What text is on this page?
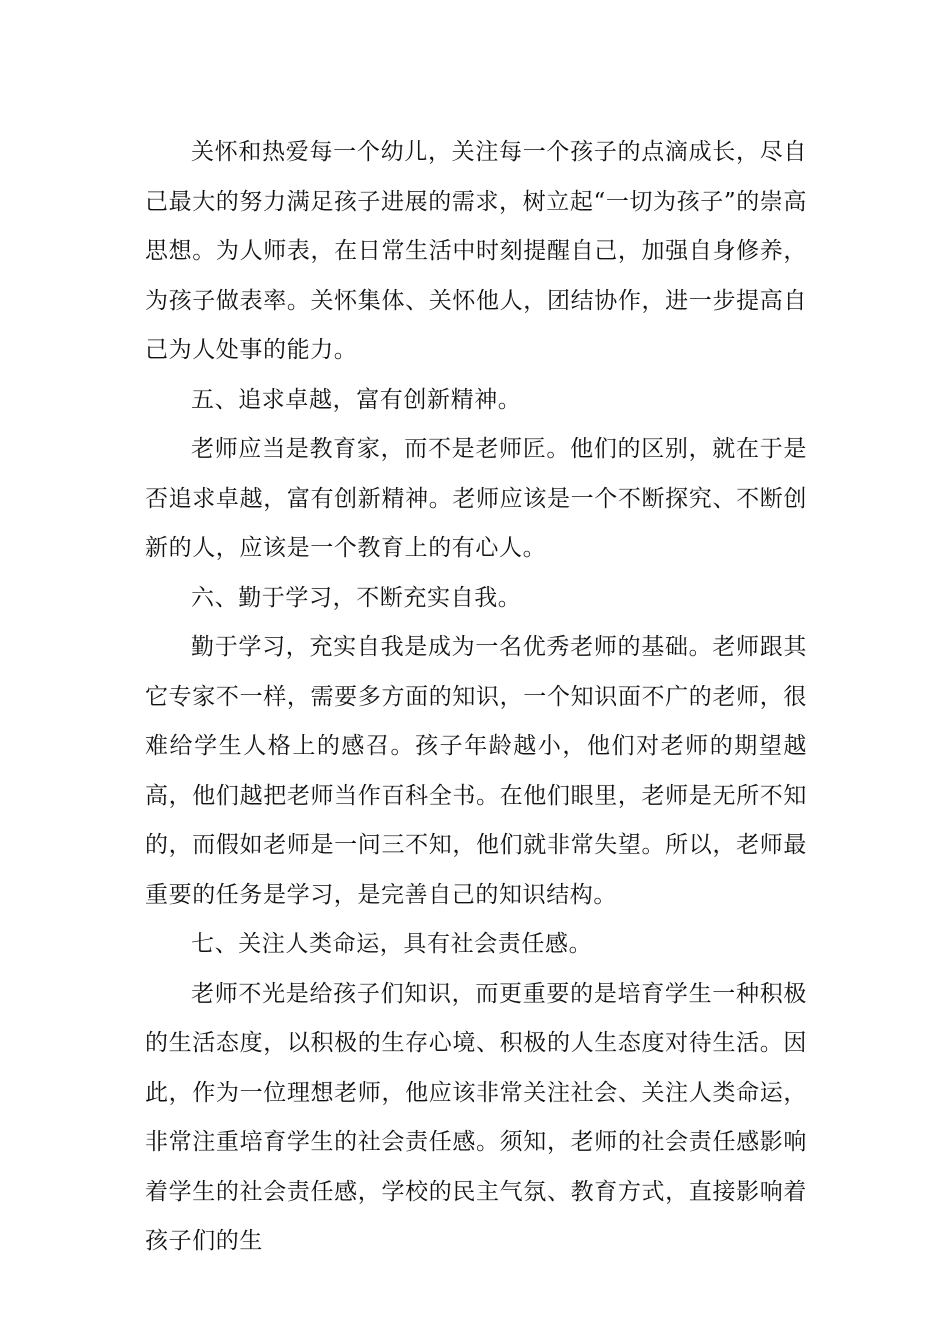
关怀和热爱每一个幼儿，关注每一个孩子的点滴成长，尽自己最大的努力满足孩子进展的需求，树立起“一切为孩子”的崇高思想。为人师表，在日常生活中时刻提醒自己，加强自身修养，为孩子做表率。关怀集体、关怀他人，团结协作，进一步提高自己为人处事的能力。

五、追求卓越，富有创新精神。

老师应当是教育家，而不是老师匠。他们的区别，就在于是否追求卓越，富有创新精神。老师应该是一个不断探究、不断创新的人，应该是一个教育上的有心人。

六、勤于学习，不断充实自我。

勤于学习，充实自我是成为一名优秀老师的基础。老师跟其它专家不一样，需要多方面的知识，一个知识面不广的老师，很难给学生人格上的感召。孩子年龄越小，他们对老师的期望越高，他们越把老师当作百科全书。在他们眼里，老师是无所不知的，而假如老师是一问三不知，他们就非常失望。所以，老师最重要的任务是学习，是完善自己的知识结构。

七、关注人类命运，具有社会责任感。

老师不光是给孩子们知识，而更重要的是培育学生一种积极的生活态度，以积极的生存心境、积极的人生态度对待生活。因此，作为一位理想老师，他应该非常关注社会、关注人类命运，非常注重培育学生的社会责任感。须知，老师的社会责任感影响着学生的社会责任感，学校的民主气氛、教育方式，直接影响着孩子们的生
